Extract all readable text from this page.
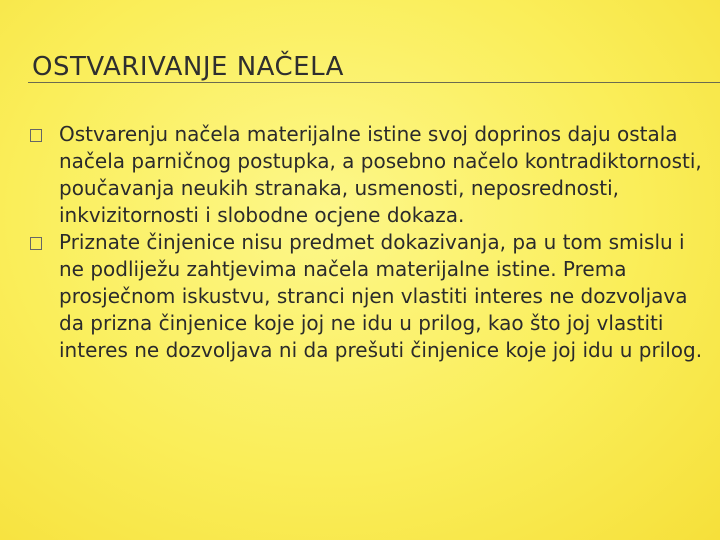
OSTVARIVANJE NAČELA
Ostvarenju načela materijalne istine svoj doprinos daju ostala načela parničnog postupka, a posebno načelo kontradiktornosti, poučavanja neukih stranaka, usmenosti, neposrednosti, inkvizitornosti i slobodne ocjene dokaza.
Priznate činjenice nisu predmet dokazivanja, pa u tom smislu i ne podliježu zahtjevima načela materijalne istine. Prema prosječnom iskustvu, stranci njen vlastiti interes ne dozvoljava da prizna činjenice koje joj ne idu u prilog, kao što joj vlastiti interes ne dozvoljava ni da prešuti činjenice koje joj idu u prilog.
